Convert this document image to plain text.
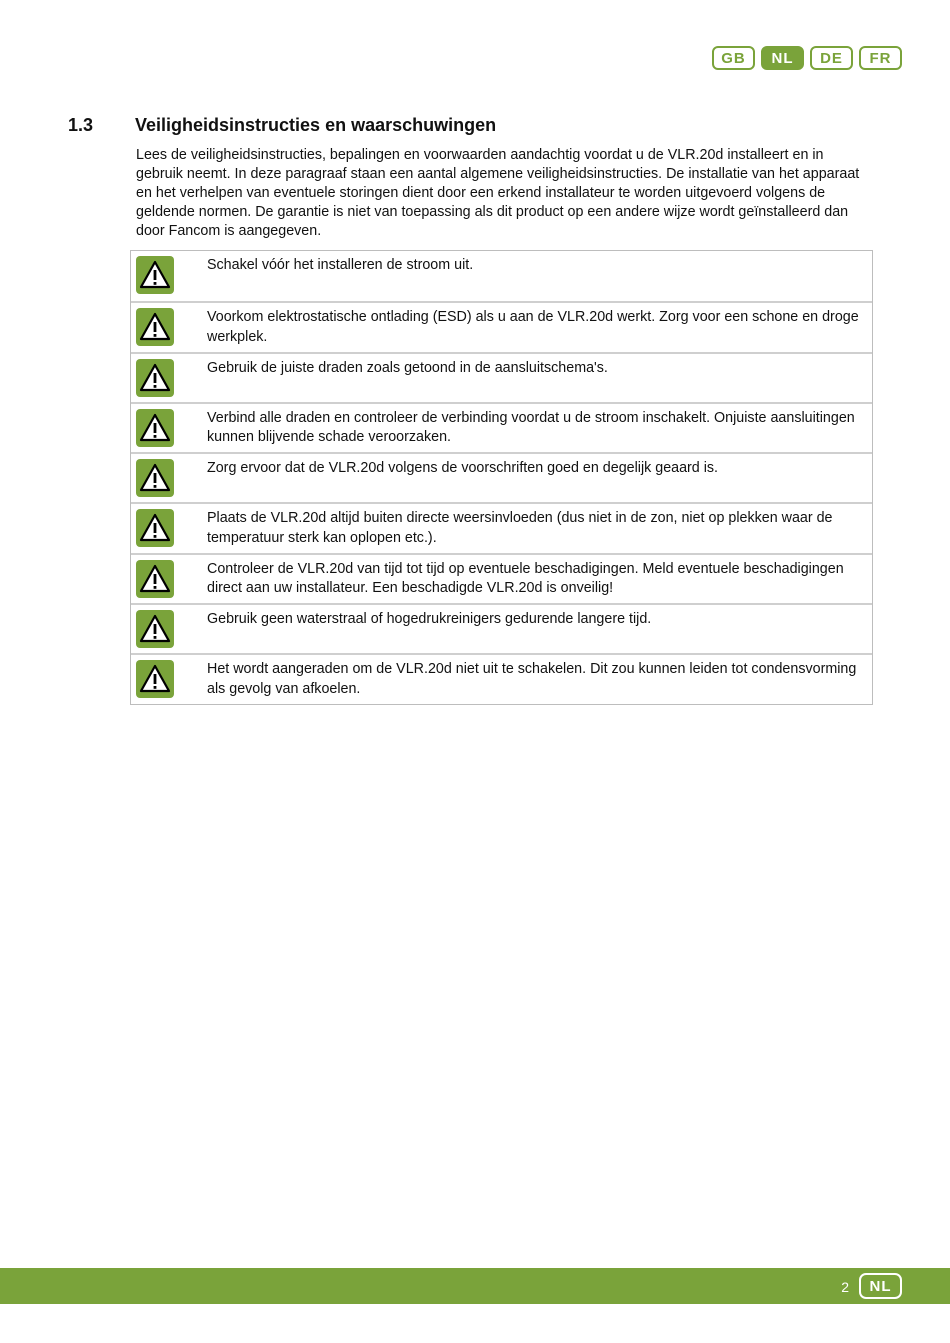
GB	NL	DE	FR
1.3	Veiligheidsinstructies en waarschuwingen
Lees de veiligheidsinstructies, bepalingen en voorwaarden aandachtig voordat u de VLR.20d installeert en in gebruik neemt. In deze paragraaf staan een aantal algemene veiligheidsinstructies. De installatie van het apparaat en het verhelpen van eventuele storingen dient door een erkend installateur te worden uitgevoerd volgens de geldende normen. De garantie is niet van toepassing als dit product op een andere wijze wordt geïnstalleerd dan door Fancom is aangegeven.
Schakel vóór het installeren de stroom uit.
Voorkom elektrostatische ontlading (ESD) als u aan de VLR.20d werkt. Zorg voor een schone en droge werkplek.
Gebruik de juiste draden zoals getoond in de aansluitschema's.
Verbind alle draden en controleer de verbinding voordat u de stroom inschakelt. Onjuiste aansluitingen kunnen blijvende schade veroorzaken.
Zorg ervoor dat de VLR.20d volgens de voorschriften goed en degelijk geaard is.
Plaats de VLR.20d altijd buiten directe weersinvloeden (dus niet in de zon, niet op plekken waar de temperatuur sterk kan oplopen etc.).
Controleer de VLR.20d van tijd tot tijd op eventuele beschadigingen. Meld eventuele beschadigingen direct aan uw installateur. Een beschadigde VLR.20d is onveilig!
Gebruik geen waterstraal of hogedrukreinigers gedurende langere tijd.
Het wordt aangeraden om de VLR.20d niet uit te schakelen. Dit zou kunnen leiden tot condensvorming als gevolg van afkoelen.
2	NL
